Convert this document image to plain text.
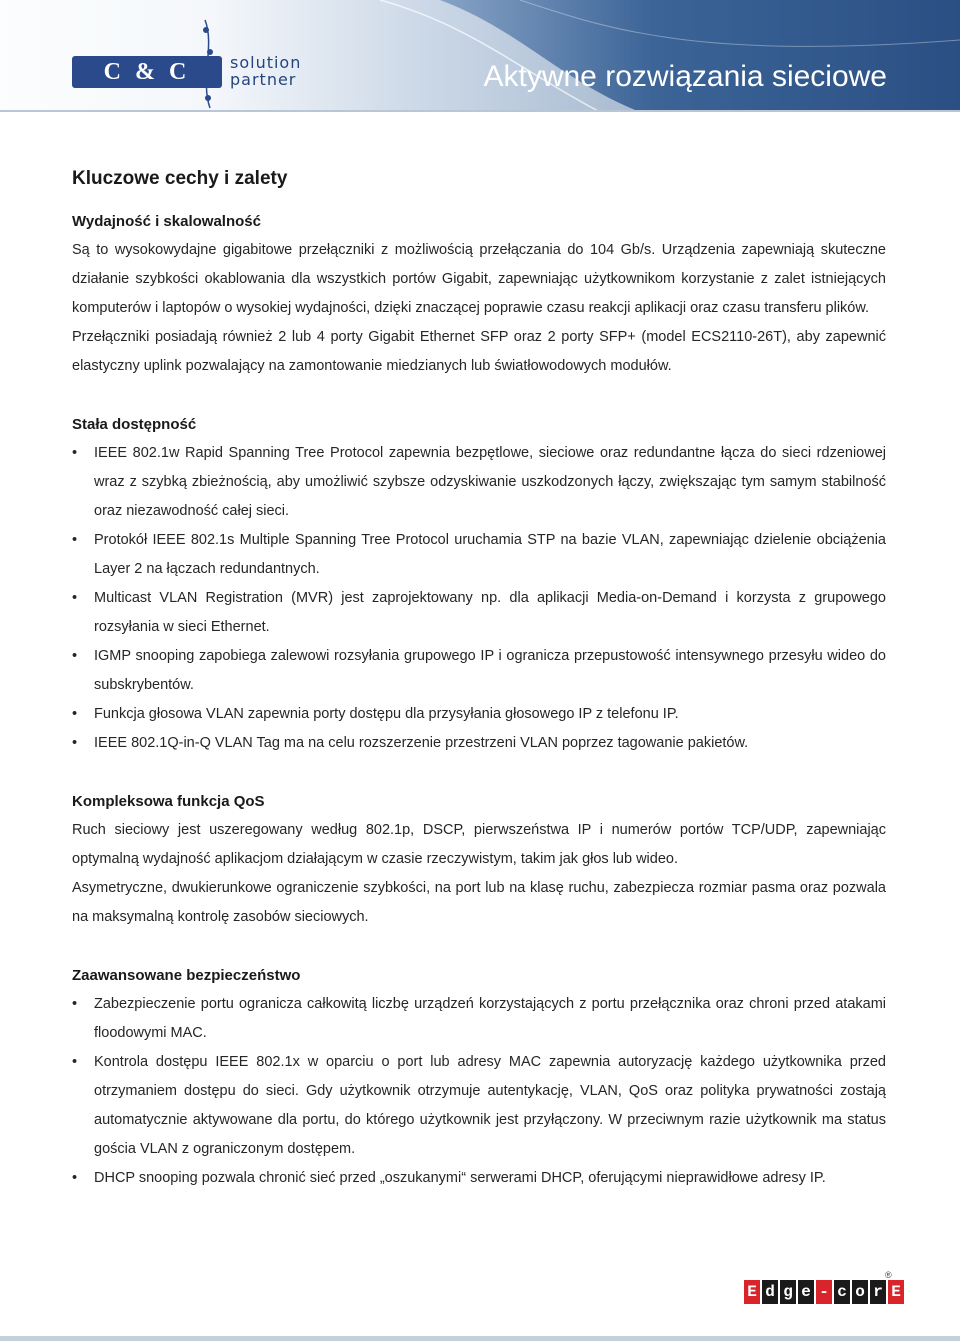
C & C	solution
partner	Aktywne rozwiązania sieciowe
Kluczowe cechy i zalety
Wydajność i skalowalność

Są to wysokowydajne gigabitowe przełączniki z możliwością przełączania do 104 Gb/s. Urządzenia zapewniają skuteczne działanie szybkości okablowania dla wszystkich portów Gigabit, zapewniając użytkownikom korzystanie z zalet istniejących komputerów i laptopów o wysokiej wydajności, dzięki znaczącej poprawie czasu reakcji aplikacji oraz czasu transferu plików.

Przełączniki posiadają również 2 lub 4 porty Gigabit Ethernet SFP oraz 2 porty SFP+ (model ECS2110-26T), aby zapewnić elastyczny uplink pozwalający na zamontowanie miedzianych lub światłowodowych modułów.

Stała dostępność
• IEEE 802.1w Rapid Spanning Tree Protocol zapewnia bezpętlowe, sieciowe oraz redundantne łącza do sieci rdzeniowej wraz z szybką zbieżnością, aby umożliwić szybsze odzyskiwanie uszkodzonych łączy, zwiększając tym samym stabilność oraz niezawodność całej sieci.
• Protokół IEEE 802.1s Multiple Spanning Tree Protocol uruchamia STP na bazie VLAN, zapewniając dzielenie obciążenia Layer 2 na łączach redundantnych.
• Multicast VLAN Registration (MVR) jest zaprojektowany np. dla aplikacji Media-on-Demand i korzysta z grupowego rozsyłania w sieci Ethernet.
• IGMP snooping zapobiega zalewowi rozsyłania grupowego IP i ogranicza przepustowość intensywnego przesyłu wideo do subskrybentów.
• Funkcja głosowa VLAN zapewnia porty dostępu dla przysyłania głosowego IP z telefonu IP.
• IEEE 802.1Q-in-Q VLAN Tag ma na celu rozszerzenie przestrzeni VLAN poprzez tagowanie pakietów.
Kompleksowa funkcja QoS

Ruch sieciowy jest uszeregowany według 802.1p, DSCP, pierwszeństwa IP i numerów portów TCP/UDP, zapewniając optymalną wydajność aplikacjom działającym w czasie rzeczywistym, takim jak głos lub wideo.

Asymetryczne, dwukierunkowe ograniczenie szybkości, na port lub na klasę ruchu, zabezpiecza rozmiar pasma oraz pozwala na maksymalną kontrolę zasobów sieciowych.

Zaawansowane bezpieczeństwo
• Zabezpieczenie portu ogranicza całkowitą liczbę urządzeń korzystających z portu przełącznika oraz chroni przed atakami floodowymi MAC.
• Kontrola dostępu IEEE 802.1x w oparciu o port lub adresy MAC zapewnia autoryzację każdego użytkownika przed otrzymaniem dostępu do sieci. Gdy użytkownik otrzymuje autentykację, VLAN, QoS oraz polityka prywatności zostają automatycznie aktywowane dla portu, do którego użytkownik jest przyłączony. W przeciwnym razie użytkownik ma status gościa VLAN z ograniczonym dostępem.
• DHCP snooping pozwala chronić sieć przed „oszukanymi“ serwerami DHCP, oferującymi nieprawidłowe adresy IP.
E d g e - c o r E
®
